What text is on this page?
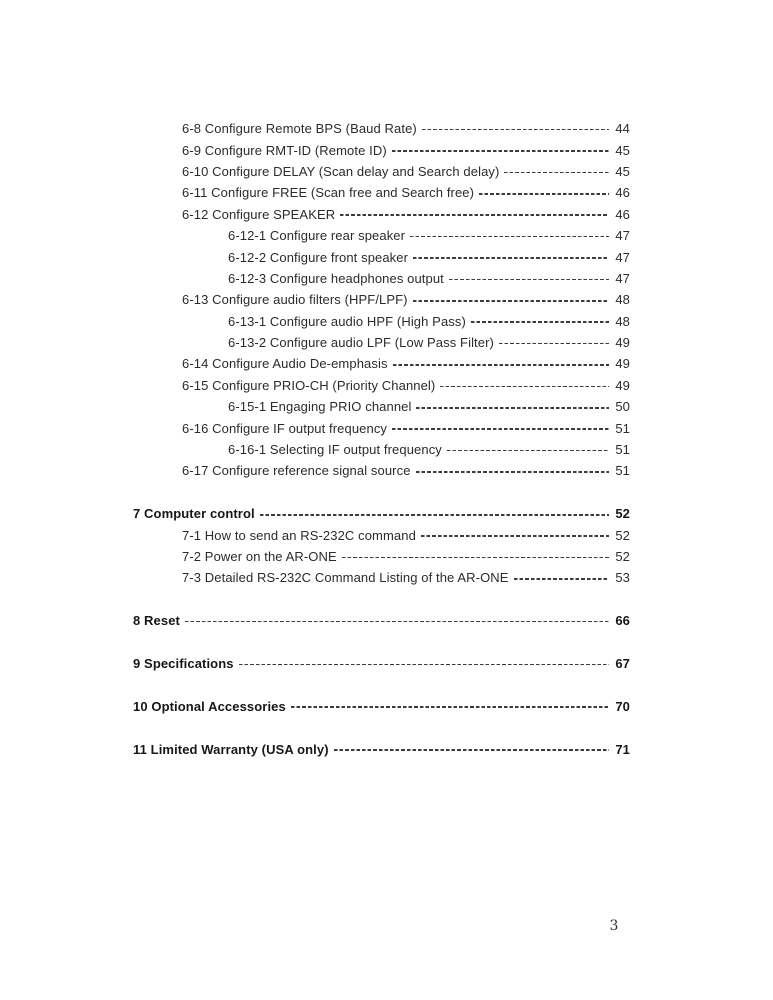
6-8 Configure Remote BPS (Baud Rate)	44
6-9 Configure RMT-ID (Remote ID)	45
6-10 Configure DELAY (Scan delay and Search delay)	45
6-11 Configure FREE (Scan free and Search free)	46
6-12 Configure SPEAKER	46
6-12-1 Configure rear speaker	47
6-12-2 Configure front speaker	47
6-12-3 Configure headphones output	47
6-13 Configure audio filters (HPF/LPF)	48
6-13-1 Configure audio HPF (High Pass)	48
6-13-2 Configure audio LPF (Low Pass Filter)	49
6-14 Configure Audio De-emphasis	49
6-15 Configure PRIO-CH (Priority Channel)	49
6-15-1 Engaging PRIO channel	50
6-16 Configure IF output frequency	51
6-16-1 Selecting IF output frequency	51
6-17 Configure reference signal source	51
7 Computer control	52
7-1 How to send an RS-232C command	52
7-2 Power on the AR-ONE	52
7-3 Detailed RS-232C Command Listing of the AR-ONE	53
8 Reset	66
9 Specifications	67
10 Optional Accessories	70
11 Limited Warranty (USA only)	71
3
